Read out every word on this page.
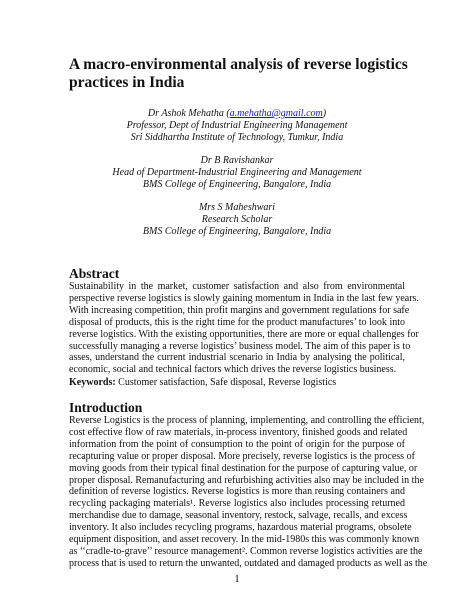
A macro-environmental analysis of reverse logistics
practices in India
Dr Ashok Mehatha (a.mehatha@gmail.com)
Professor, Dept of Industrial Engineering Management
Sri Siddhartha Institute of Technology, Tumkur, India
Dr B Ravishankar
Head of Department-Industrial Engineering and Management
BMS College of Engineering, Bangalore, India
Mrs S Maheshwari
Research Scholar
BMS College of Engineering, Bangalore, India
Abstract

Sustainability in the market, customer satisfaction and also from environmental
perspective reverse logistics is slowly gaining momentum in India in the last few years.
With increasing competition, thin profit margins and government regulations for safe
disposal of products, this is the right time for the product manufactures’ to look into
reverse logistics. With the existing opportunities, there are more or equal challenges for
successfully managing a reverse logistics’ business model. The aim of this paper is to
asses, understand the current industrial scenario in India by analysing the political,
economic, social and technical factors which drives the reverse logistics business.

Keywords: Customer satisfaction, Safe disposal, Reverse logistics

Introduction

Reverse Logistics is the process of planning, implementing, and controlling the efficient,
cost effective flow of raw materials, in-process inventory, finished goods and related
information from the point of consumption to the point of origin for the purpose of
recapturing value or proper disposal. More precisely, reverse logistics is the process of
moving goods from their typical final destination for the purpose of capturing value, or
proper disposal. Remanufacturing and refurbishing activities also may be included in the
definition of reverse logistics. Reverse logistics is more than reusing containers and
recycling packaging materials¹. Reverse logistics also includes processing returned
merchandise due to damage, seasonal inventory, restock, salvage, recalls, and excess
inventory. It also includes recycling programs, hazardous material programs, obsolete
equipment disposition, and asset recovery. In the mid-1980s this was commonly known
as ‘‘cradle-to-grave’’ resource management². Common reverse logistics activities are the
process that is used to return the unwanted, outdated and damaged products as well as the

1
